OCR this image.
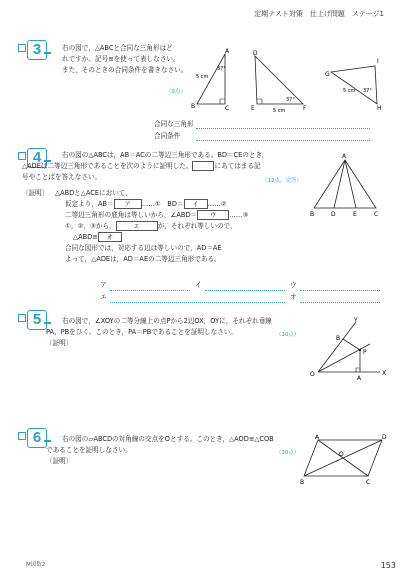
定期テスト対策　仕上げ問題　ステージ1
3	右の図で，△ABCと合同な三角形はど
れですか。記号≡を使って表しなさい。
また，そのときの合同条件を書きなさい。
（9点）
A
B	C
5 cm
37°
D
E	F
5 cm
37°
G
I
H
5 cm 37°
合同な三角形
合同条件
4	右の図の△ABCは，AB＝ACの二等辺三角形である。BD＝CEのとき，
△ADEは二等辺三角形であることを次のように証明した。	にあてはまる記
号やことばを答えなさい。	（12点，完答）
〔証明〕	△ABDと△ACEにおいて，
仮定より，AB＝ ア ……①　BD＝ イ ……②
二等辺三角形の底角は等しいから，∠ABD＝ ウ ……③
①，②，③から，	エ	が，それぞれ等しいので，
△ABD≡ オ
合同な図形では，対応する辺は等しいので，AD＝AE
よって，△ADEは，AD＝AEの二等辺三角形である。
A
B	D	E	C
ア	イ	ウ
エ	オ
5	右の図で，∠XOYの二等分線上の点Pから2辺OX，OYに，それぞれ垂線
PA，PBをひく。このとき，PA＝PBであることを証明しなさい。	（10点）
〔証明〕
Y
B
P
O
A
X
6	右の図の▱ABCDの対角線の交点をOとする。このとき，△AOD≡△COB
であることを証明しなさい。	（10点）
〔証明〕
A	D
O
B	C
M図数2	153
